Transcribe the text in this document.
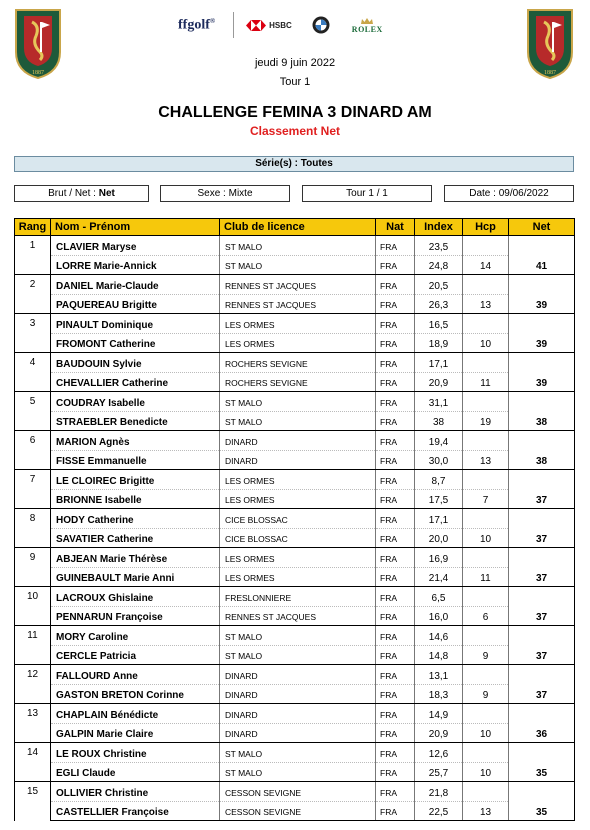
1887	1887
ffgolf®	HSBC	ROLEX
jeudi 9 juin 2022
Tour 1
CHALLENGE FEMINA 3 DINARD AM
Classement Net
Série(s) : Toutes
Brut / Net : Net	Sexe : Mixte	Tour 1 / 1	Date : 09/06/2022
Rang	Nom - Prénom	Club de licence	Nat	Index	Hcp	Net
1	CLAVIER Maryse	ST MALO	FRA	23,5		
	LORRE Marie-Annick	ST MALO	FRA	24,8	14	41
2	DANIEL Marie-Claude	RENNES ST JACQUES	FRA	20,5		
	PAQUEREAU Brigitte	RENNES ST JACQUES	FRA	26,3	13	39
3	PINAULT Dominique	LES ORMES	FRA	16,5		
	FROMONT Catherine	LES ORMES	FRA	18,9	10	39
4	BAUDOUIN Sylvie	ROCHERS SEVIGNE	FRA	17,1		
	CHEVALLIER Catherine	ROCHERS SEVIGNE	FRA	20,9	11	39
5	COUDRAY Isabelle	ST MALO	FRA	31,1		
	STRAEBLER Benedicte	ST MALO	FRA	38	19	38
6	MARION Agnès	DINARD	FRA	19,4		
	FISSE Emmanuelle	DINARD	FRA	30,0	13	38
7	LE CLOIREC Brigitte	LES ORMES	FRA	8,7		
	BRIONNE Isabelle	LES ORMES	FRA	17,5	7	37
8	HODY Catherine	CICE BLOSSAC	FRA	17,1		
	SAVATIER Catherine	CICE BLOSSAC	FRA	20,0	10	37
9	ABJEAN Marie Thérèse	LES ORMES	FRA	16,9		
	GUINEBAULT Marie Anni	LES ORMES	FRA	21,4	11	37
10	LACROUX Ghislaine	FRESLONNIERE	FRA	6,5		
	PENNARUN Françoise	RENNES ST JACQUES	FRA	16,0	6	37
11	MORY Caroline	ST MALO	FRA	14,6		
	CERCLE Patricia	ST MALO	FRA	14,8	9	37
12	FALLOURD Anne	DINARD	FRA	13,1		
	GASTON BRETON Corinne	DINARD	FRA	18,3	9	37
13	CHAPLAIN Bénédicte	DINARD	FRA	14,9		
	GALPIN Marie Claire	DINARD	FRA	20,9	10	36
14	LE ROUX Christine	ST MALO	FRA	12,6		
	EGLI Claude	ST MALO	FRA	25,7	10	35
15	OLLIVIER Christine	CESSON SEVIGNE	FRA	21,8		
	CASTELLIER Françoise	CESSON SEVIGNE	FRA	22,5	13	35
